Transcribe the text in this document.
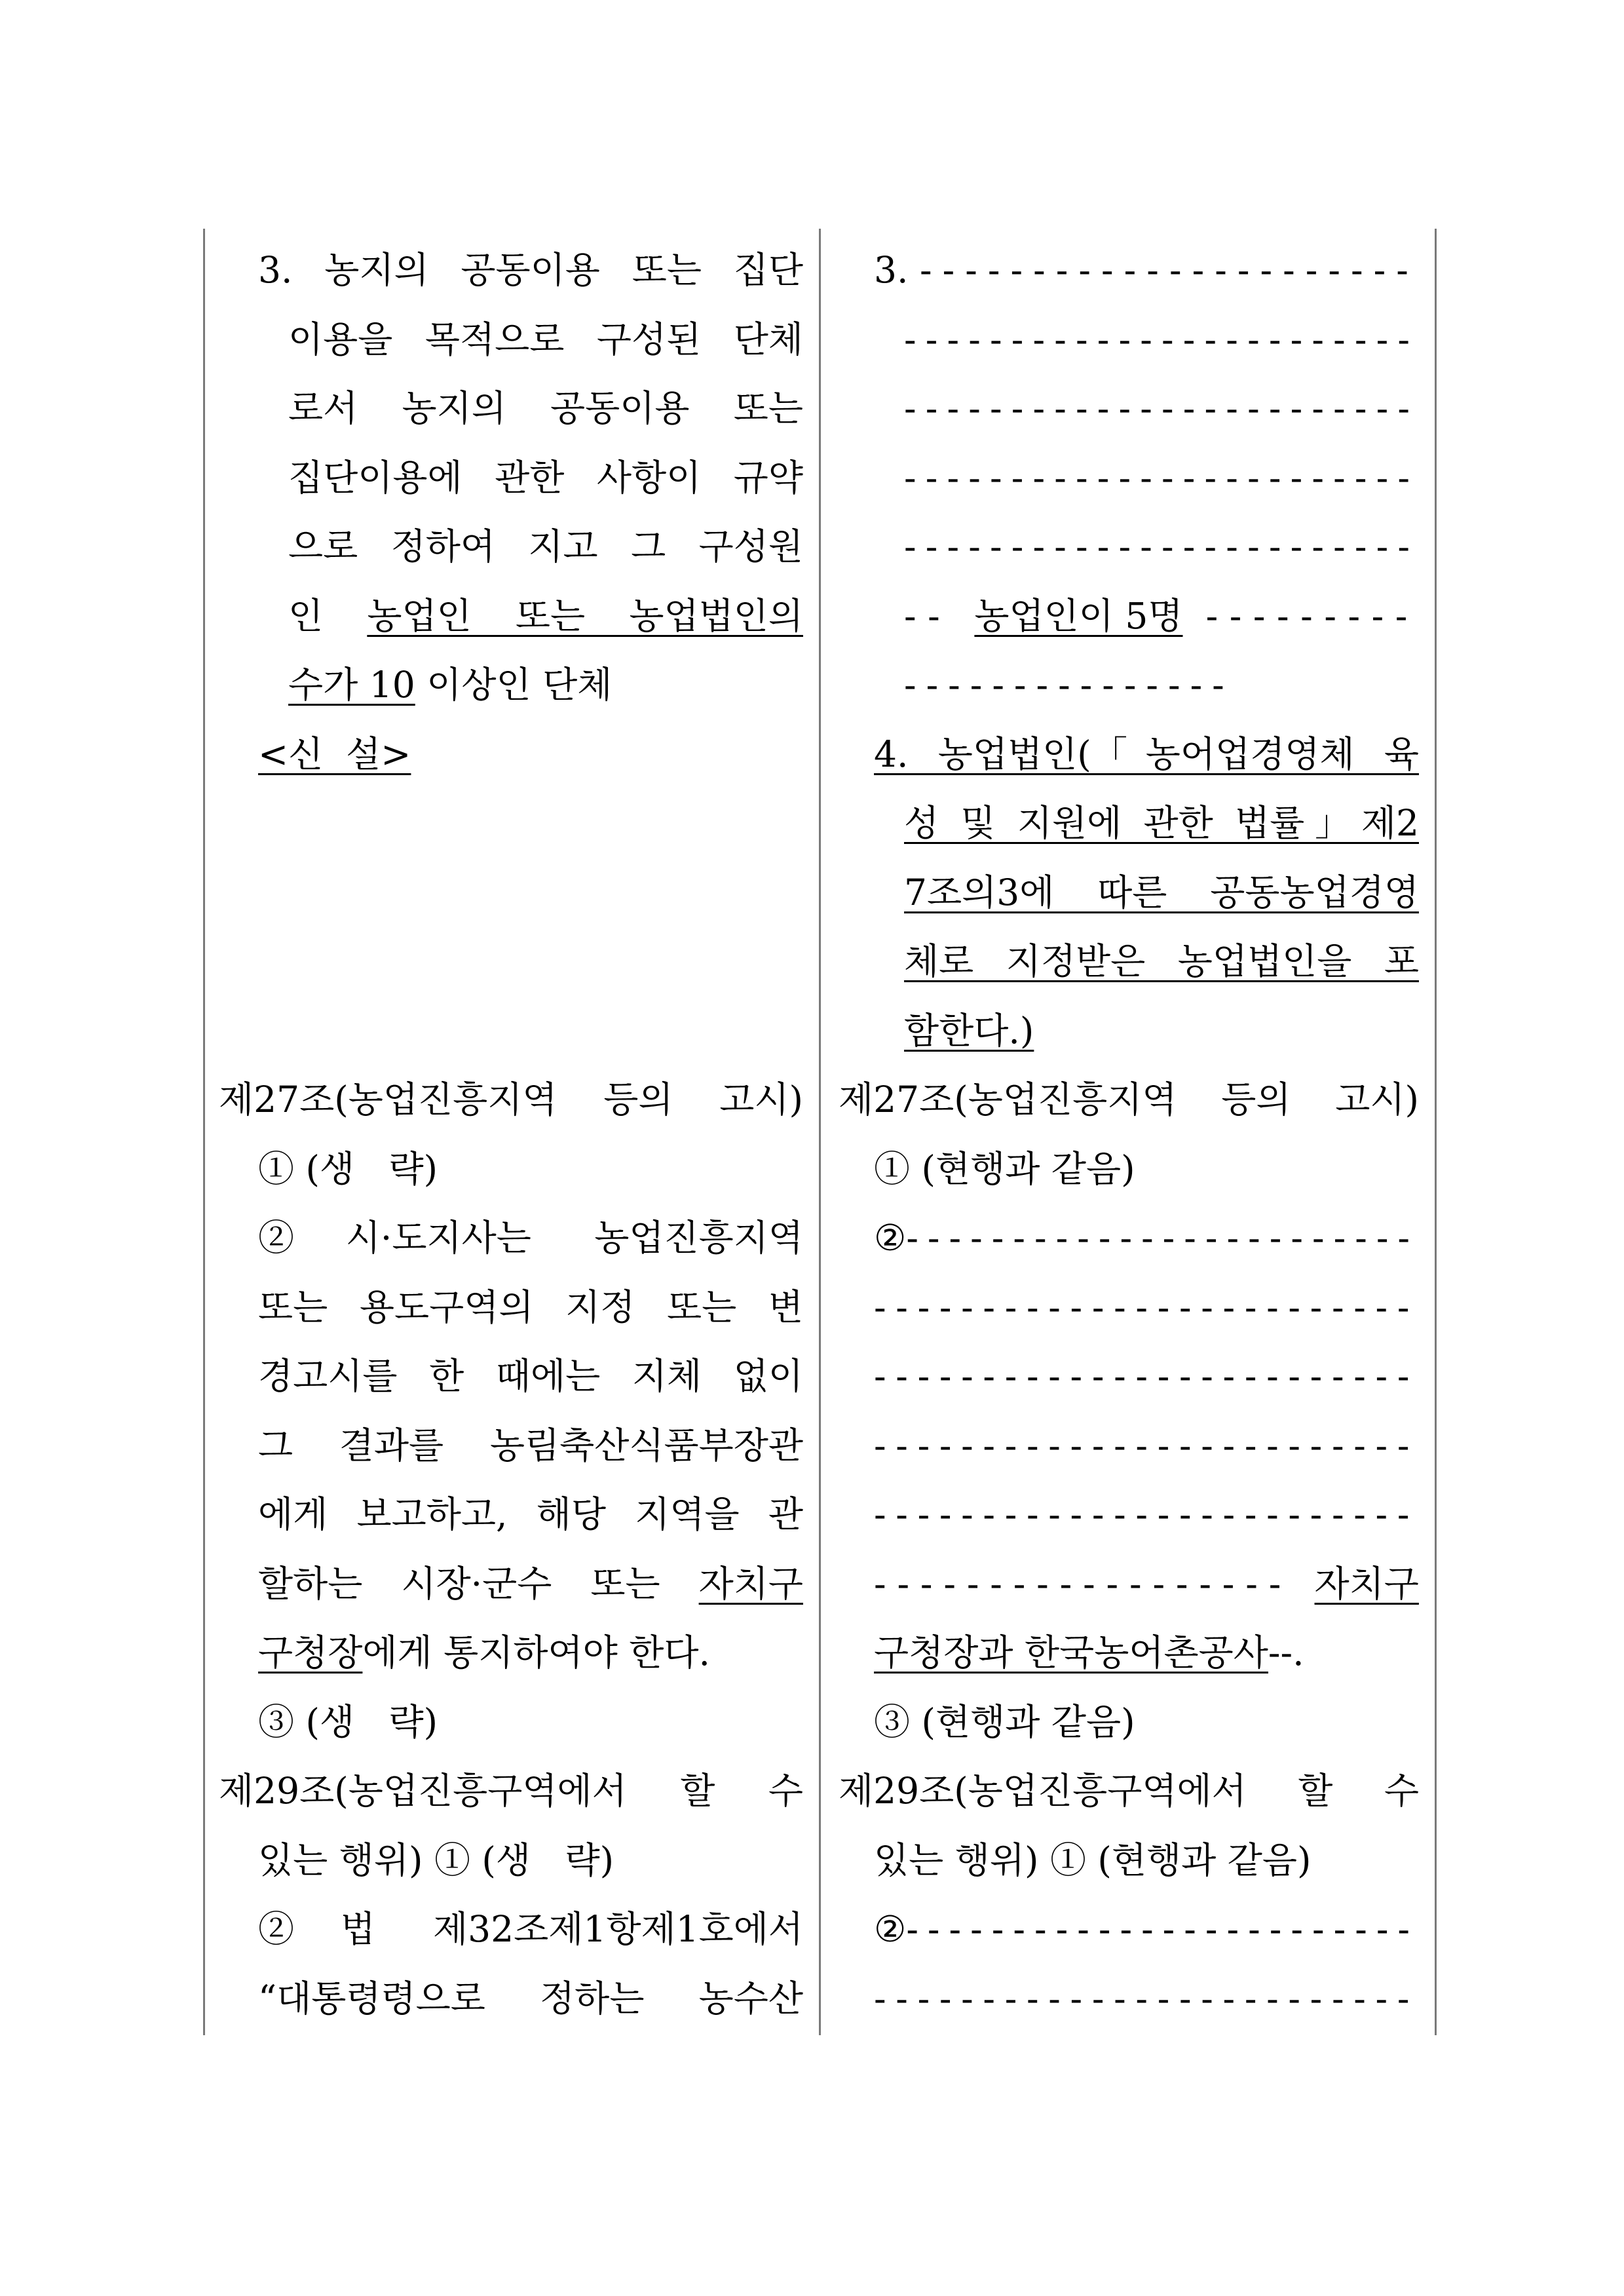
3. 농지의 공동이용 또는 집단
이용을 목적으로 구성된 단체
로서 농지의 공동이용 또는
집단이용에 관한 사항이 규약
으로 정하여 지고 그 구성원
인 농업인 또는 농업법인의
수가 10 이상인 단체
<신  설>
제27조(농업진흥지역 등의 고시)
① (생   략)
②시·도지사는 농업진흥지역
또는 용도구역의 지정 또는 변
경고시를 한 때에는 지체 없이
그 결과를 농림축산식품부장관
에게 보고하고, 해당 지역을 관
할하는 시장·군수 또는 자치구
구청장에게 통지하여야 한다.
③ (생   략)
제29조(농업진흥구역에서 할 수
있는 행위) ① (생   략)
②법 제32조제1항제1호에서
“대통령령으로 정하는 농수산
3. ----------------------
------------------------
------------------------
------------------------
------------------------
-- 농업인이 5명 ---------
---------------
4. 농업법인(「농어업경영체 육
성 및 지원에 관한 법률」제2
7조의3에 따른 공동농업경영
체로 지정받은 농업법인을 포
함한다.)
제27조(농업진흥지역 등의 고시)
① (현행과 같음)
②------------------------
-------------------------
-------------------------
-------------------------
-------------------------
------------------ 자치구
구청장과 한국농어촌공사--.
③ (현행과 같음)
제29조(농업진흥구역에서 할 수
있는 행위) ① (현행과 같음)
②------------------------
-------------------------
